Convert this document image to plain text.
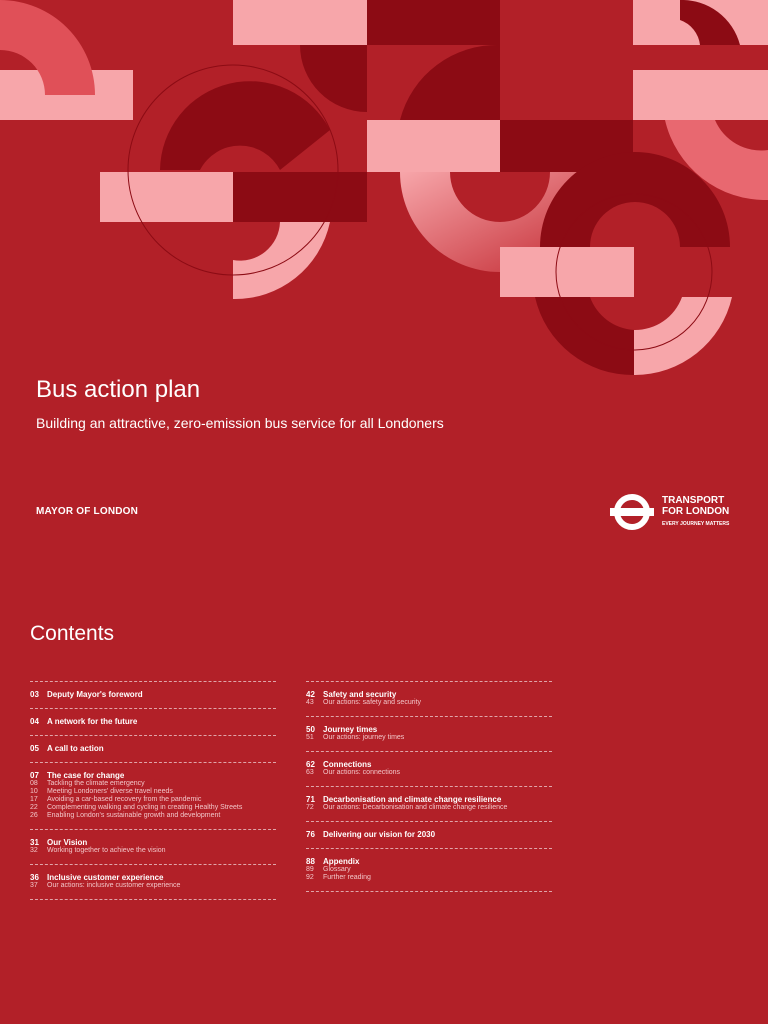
Bus action plan
Building an attractive, zero-emission bus service for all Londoners
MAYOR OF LONDON
TRANSPORT
FOR LONDON
EVERY JOURNEY MATTERS
Contents
03	Deputy Mayor's foreword
04	A network for the future
05	A call to action
07	The case for change
08	Tackling the climate emergency
10	Meeting Londoners' diverse travel needs
17	Avoiding a car-based recovery from the pandemic
22	Complementing walking and cycling in creating Healthy Streets
26	Enabling London's sustainable growth and development
31	Our Vision
32	Working together to achieve the vision
36	Inclusive customer experience
37	Our actions: inclusive customer experience
42	Safety and security
43	Our actions: safety and security
50	Journey times
51	Our actions: journey times
62	Connections
63	Our actions: connections
71	Decarbonisation and climate change resilience
72	Our actions: Decarbonisation and climate change resilience
76	Delivering our vision for 2030
88	Appendix
89	Glossary
92	Further reading
